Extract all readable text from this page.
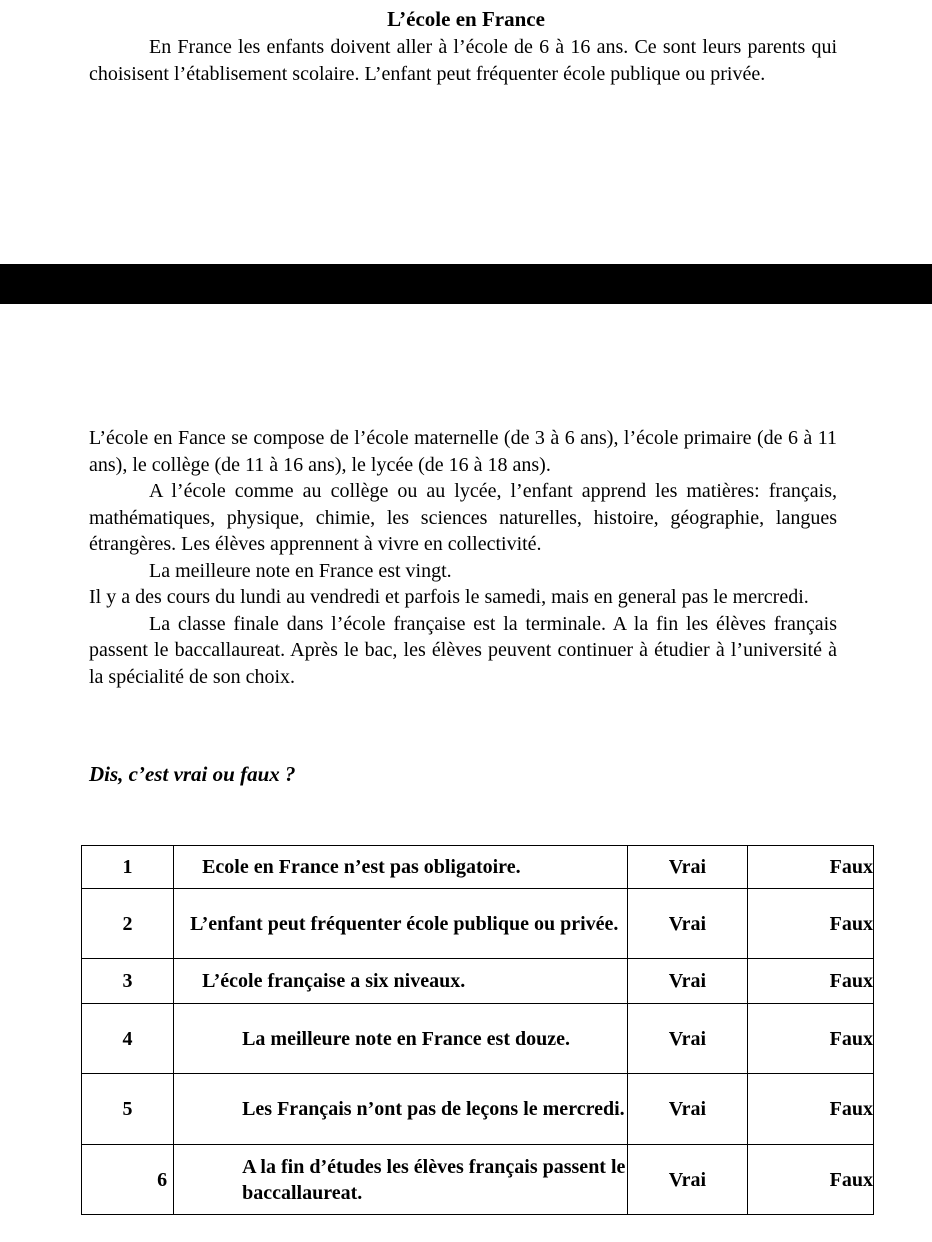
L’école en France

En France les enfants doivent aller à l’école de 6 à 16 ans. Ce sont leurs parents qui choisisent l’établisement scolaire. L’enfant peut fréquenter école publique ou privée.

L’école en Fance se compose de l’école maternelle (de 3 à 6 ans), l’école primaire (de 6 à 11 ans), le collège (de 11 à 16 ans), le lycée (de 16 à 18 ans).

A l’école comme au collège ou au lycée, l’enfant apprend les matières: français, mathématiques, physique, chimie, les sciences naturelles, histoire, géographie, langues étrangères. Les élèves apprennent à vivre en collectivité.

La meilleure note en France est vingt.

Il y a des cours du lundi au vendredi et parfois le samedi, mais en general pas le mercredi.

La classe finale dans l’école française est la terminale. A la fin les élèves français passent le baccallaureat. Après le bac, les élèves peuvent continuer à étudier à l’université à la spécialité de son choix.

Dis, c’est vrai ou faux ?
1	Ecole en France n’est pas obligatoire.	Vrai	Faux
2	L’enfant peut fréquenter école publique ou privée.	Vrai	Faux
3	L’école française a six niveaux.	Vrai	Faux
4	La meilleure note en France est douze.	Vrai	Faux
5	Les Français n’ont pas de leçons le mercredi.	Vrai	Faux
6	A la fin d’études les élèves français passent le baccallaureat.	Vrai	Faux
